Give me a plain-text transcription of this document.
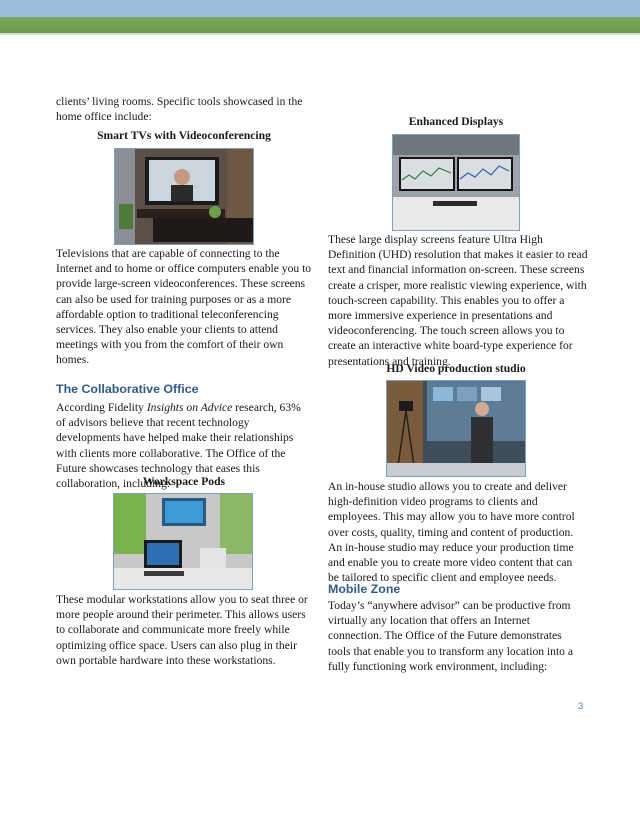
clients’ living rooms. Specific tools showcased in the home office include:

Smart TVs with Videoconferencing

Televisions that are capable of connecting to the Internet and to home or office computers enable you to provide large-screen videoconferences. These screens can also be used for training purposes or as a more affordable option to traditional teleconferencing services. They also enable your clients to attend meetings with you from the comfort of their own homes.

The Collaborative Office

According Fidelity Insights on Advice research, 63% of advisors believe that recent technology developments have helped make their relationships with clients more collaborative. The Office of the Future showcases technology that eases this collaboration, including:

Workspace Pods

These modular workstations allow you to seat three or more people around their perimeter. This allows users to collaborate and communicate more freely while optimizing office space. Users can also plug in their own portable hardware into these workstations.

Enhanced Displays

These large display screens feature Ultra High Definition (UHD) resolution that makes it easier to read text and financial information on-screen. These screens create a crisper, more realistic viewing experience, with touch-screen capability. This enables you to offer a more immersive experience in presentations and videoconferencing. The touch screen allows you to create an interactive white board-type experience for presentations and training.

HD Video production studio

An in-house studio allows you to create and deliver high-definition video programs to clients and employees. This may allow you to have more control over costs, quality, timing and content of production. An in-house studio may reduce your production time and enable you to create more video content that can be tailored to specific client and employee needs.

Mobile Zone

Today’s “anywhere advisor” can be productive from virtually any location that offers an Internet connection. The Office of the Future demonstrates tools that enable you to transform any location into a fully functioning work environment, including:

3
